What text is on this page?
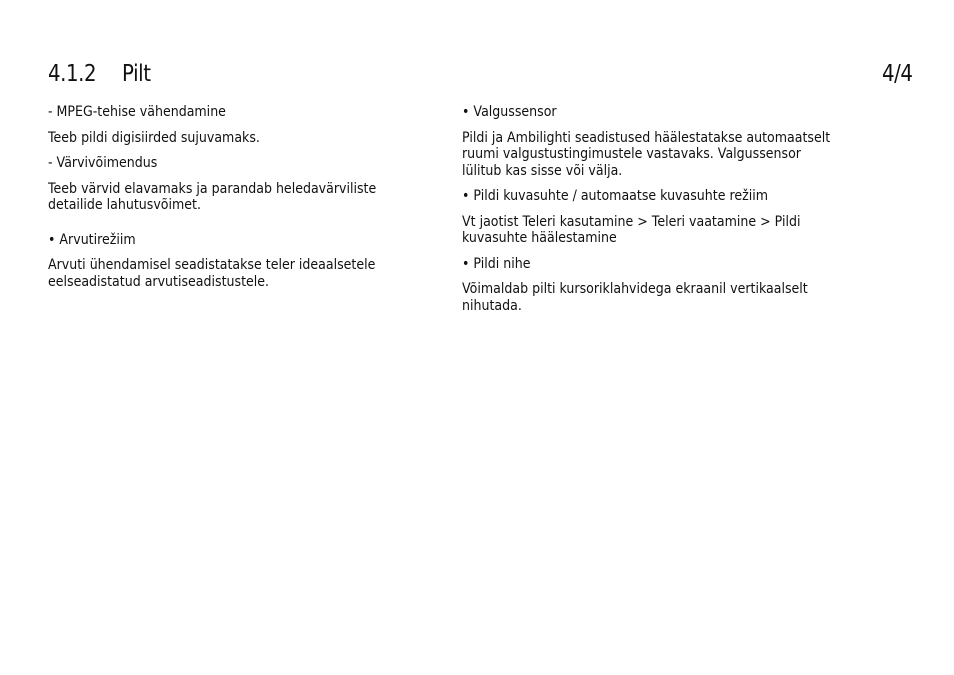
4.1.2 Pilt	4/4

- MPEG-tehise vähendamine

Teeb pildi digisiirded sujuvamaks.

- Värvivõimendus

Teeb värvid elavamaks ja parandab heledavärviliste

detailide lahutusvõimet.

• Arvutirežiim

Arvuti ühendamisel seadistatakse teler ideaalsetele

eelseadistatud arvutiseadistustele.

• Valgussensor

Pildi ja Ambilighti seadistused häälestatakse automaatselt

ruumi valgustustingimustele vastavaks. Valgussensor

lülitub kas sisse või välja.

• Pildi kuvasuhte / automaatse kuvasuhte režiim

Vt jaotist Teleri kasutamine > Teleri vaatamine > Pildi

kuvasuhte häälestamine

• Pildi nihe

Võimaldab pilti kursoriklahvidega ekraanil vertikaalselt

nihutada.
